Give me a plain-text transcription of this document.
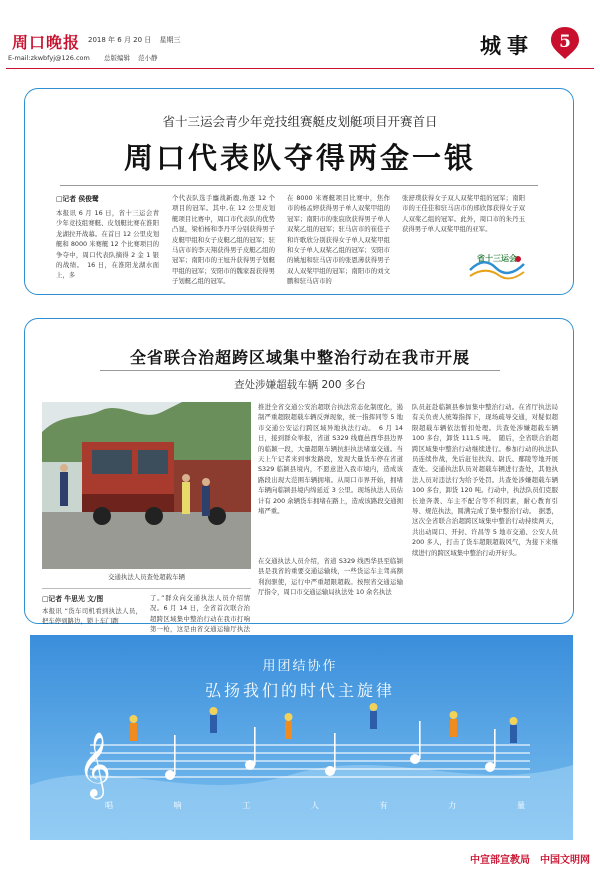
周口晚报 2018 年 6 月 20 日 星期三
E-mail:zkwbfyj@126.com 总版编辑 范小静	城事 5
省十三运会青少年竞技组赛艇皮划艇项目开赛首日
周口代表队夺得两金一银
□记者 侯俊鹭
本报讯 6 月 16 日，省十三运会青少年竞技组赛艇、皮划艇比赛在淮阳龙湖拉开战幕。在首日 12 公里皮划艇和 8000 米赛艇 12 个比赛项目的争夺中，周口代表队摘得 2 金 1 银的战绩。　16 日，在淮阳龙湖水面上，多
个代表队选手鏖战新鹿,角逐 12 个项目的冠军。其中,在 12 公里皮划艇项目比赛中，周口市代表队的优势凸显，梁柏杨和李丹平分别获得男子皮艇甲组和女子皮艇乙组的冠军；驻马店市的李天翔获得男子皮艇乙组的冠军；南阳市的王旭升获得男子划艇甲组的冠军；安阳市的魏家磊获得男子划艇乙组的冠军。
在 8000 米赛艇项目比赛中，焦作市的杨孟婷获得男子单人双桨甲组的冠军；南阳市的张宸欣获得男子单人双桨乙组的冠军；驻马店市的崔佳子和许歌欣分别获得女子单人双桨甲组和女子单人双桨乙组的冠军；安阳市的姚旭和驻马店市的张恩薄获得男子双人双桨甲组的冠军；南阳市的刘文鹏和驻马店市的
张舒璞获得女子双人双桨甲组的冠军；南阳市的王佳佳和驻马店市的邢欣郎获得女子双人双桨乙组的冠军。此外，周口市的朱丹玉获得男子单人双桨甲组的亚军。
省十三运会
全省联合治超跨区域集中整治行动在我市开展
查处涉嫌超载车辆 200 多台
交通执法人员查处超载车辆
□记者 牛思光 文/图
本报讯 “货车司机看到执法人员，把车停到路边，锁上车门跑
了。”群众向交通执法人员介绍情况。6 月 14 日，全省首次联合治超跨区域集中整治行动在我市打响第一枪，这是由省交通运输厅执法
推进全省交通公安治超联合执法常态化制度化，遏制严重超限超载车辆反弹现象，统一指挥同等 5 地市交通公安运行跨区域异地执法行动。　6 月 14 日，接到群众举报，省道 S329 线鹿邑西华县边界的临颖一段，大量超限车辆抗拒执法堵塞交通。当天上午记者来到事发路段，发现大量货车停在省道 S329 临颍县境内，不愿意进入我市境内，造成该路段出现大范围车辆拥堵。从周口市界开始，拥堵车辆向临颍县境内绵延近 3 公里。现场执法人员估计有 200 余辆货车拥堵在路上，造成该路段交通拥堵严重。
在交通执法人员介绍，省道 S329 线西华县至临颍县是我省的重要交通运输线，一些货运车主驾高额利润驱使，运行中严重超限超载。按照省交通运输厅指令，周口市交通运输局执法处 10 余名执法
队员赶赴临颍县参加集中整治行动。在省厅执法局有关负责人统筹指挥下，现场疏导交通，对疑似超限超载车辆依法暂扣处理。共查处涉嫌超载车辆 100 多台，卸货 111.5 吨。　随后，全省联合治超跨区域集中整治行动继续进行。参加行动的执法队员连续作战，先后赶往扶沟、尉氏、鄢陵等地开展查处。交通执法队员对超载车辆进行查处，其他执法人员对违法行为给予处罚。共查处涉嫌超载车辆 100 多台，卸货 120 吨。行动中，执法队员们克服长途奔袭、车主不配合等不利因素，耐心教育引导、规范执法，圆满完成了集中整治行动。　据悉，这次全省联合治超跨区域集中整治行动持续两天，共出动周口、开封、许昌等 5 地市交通、公安人员 200 多人，打击了货车超限超载风气，为接下来继续进行的跨区域集中整治行动开好头。
𝄞
用团结协作
弘扬我们的时代主旋律
唱	响	工	人	有	力	量
中宣部宣教局　中国文明网
